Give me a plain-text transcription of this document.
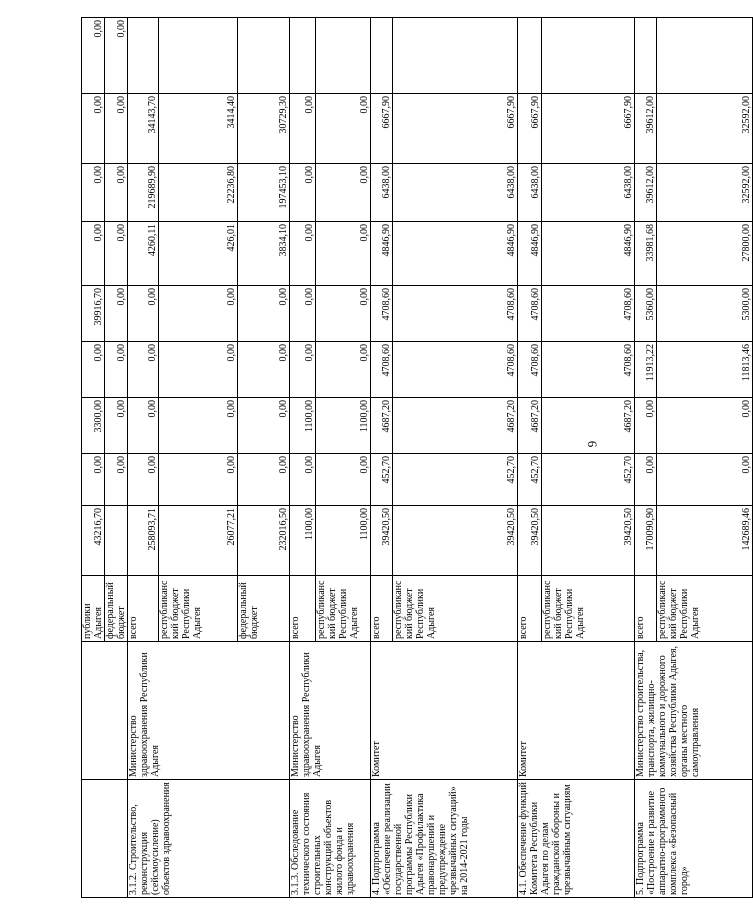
6
		публики Адыгея	43216,70	0,00	3300,00	0,00	39916,70	0,00	0,00	0,00	0,00	
		федеральный бюджет		0,00	0,00	0,00	0,00	0,00	0,00	0,00	0,00	
3.1.2. Строительство, реконструкция (сейсмоусиление) объектов здравоохранения	Министерство здравоохранения Республики Адыгея	всего	258093,71	0,00	0,00	0,00	0,00	4260,11	219689,90	34143,70		
		республиканский бюджет Республики Адыгея	26077,21	0,00	0,00	0,00	0,00	426,01	22236,80	3414,40		
		федеральный бюджет	232016,50	0,00	0,00	0,00	0,00	3834,10	197453,10	30729,30		
3.1.3. Обследование технического состояния строительных конструкций объектов жилого фонда и здравоохранения	Министерство здравоохранения Республики Адыгея	всего	1100,00	0,00	1100,00	0,00	0,00	0,00	0,00	0,00		
		республиканский бюджет Республики Адыгея	1100,00	0,00	1100,00	0,00	0,00	0,00	0,00	0,00		
4. Подпрограмма «Обеспечение реализации государственной программы Республики Адыгея «Профилактика правонарушений и предупреждение чрезвычайных ситуаций» на 2014-2021 годы	Комитет	всего	39420,50	452,70	4687,20	4708,60	4708,60	4846,90	6438,00	6667,90		
		республиканский бюджет Республики Адыгея	39420,50	452,70	4687,20	4708,60	4708,60	4846,90	6438,00	6667,90		
4.1. Обеспечение функций Комитета Республики Адыгея по делам гражданской обороны и чрезвычайным ситуациям	Комитет	всего	39420,50	452,70	4687,20	4708,60	4708,60	4846,90	6438,00	6667,90		
		республиканский бюджет Республики Адыгея	39420,50	452,70	4687,20	4708,60	4708,60	4846,90	6438,00	6667,90		
5. Подпрограмма «Построение и развитие аппаратно-программного комплекса «Безопасный город»	Министерство строительства, транспорта, жилищно-коммунального и дорожного хозяйства Республики Адыгея, органы местного самоуправления	всего	170090,90	0,00	0,00	11913,22	5360,00	33981,68	39612,00	39612,00		
		республиканский бюджет Республики Адыгея	142689,46	0,00	0,00	11813,46	5300,00	27800,00	32592,00	32592,00		
